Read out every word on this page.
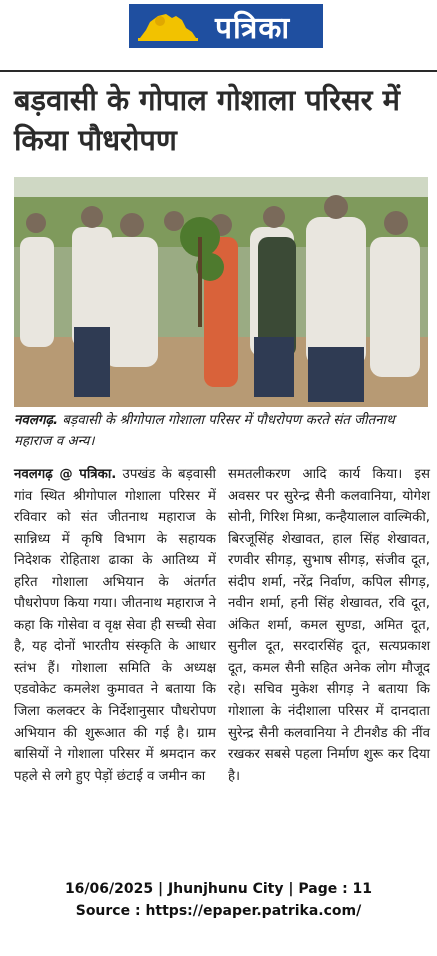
पत्रिका
बड़वासी के गोपाल गोशाला परिसर में किया पौधरोपण
नवलगढ़. बड़वासी के श्रीगोपाल गोशाला परिसर में पौधरोपण करते संत जीतनाथ महाराज व अन्य।
नवलगढ़ @ पत्रिका. उपखंड के बड़वासी गांव स्थित श्रीगोपाल गोशाला परिसर में रविवार को संत जीतनाथ महाराज के सान्निध्य में कृषि विभाग के सहायक निदेशक रोहिताश ढाका के आतिथ्य में हरित गोशाला अभियान के अंतर्गत पौधरोपण किया गया। जीतनाथ महाराज ने कहा कि गोसेवा व वृक्ष सेवा ही सच्ची सेवा है, यह दोनों भारतीय संस्कृति के आधार स्तंभ हैं। गोशाला समिति के अध्यक्ष एडवोकेट कमलेश कुमावत ने बताया कि जिला कलक्टर के निर्देशानुसार पौधरोपण अभियान की शुरूआत की गई है। ग्राम बासियों ने गोशाला परिसर में श्रमदान कर पहले से लगे हुए पेड़ों छंटाई व जमीन का
समतलीकरण आदि कार्य किया। इस अवसर पर सुरेन्द्र सैनी कलवानिया, योगेश सोनी, गिरिश मिश्रा, कन्हैयालाल वाल्मिकी, बिरजूसिंह शेखावत, हाल सिंह शेखावत, रणवीर सीगड़, सुभाष सीगड़, संजीव दूत, संदीप शर्मा, नरेंद्र निर्वाण, कपिल सीगड़, नवीन शर्मा, हनी सिंह शेखावत, रवि दूत, अंकित शर्मा, कमल सुण्डा, अमित दूत, सुनील दूत, सरदारसिंह दूत, सत्यप्रकाश दूत, कमल सैनी सहित अनेक लोग मौजूद रहे। सचिव मुकेश सीगड़ ने बताया कि गोशाला के नंदीशाला परिसर में दानदाता सुरेन्द्र सैनी कलवानिया ने टीनशैड की नींव रखकर सबसे पहला निर्माण शुरू कर दिया है।
16/06/2025 | Jhunjhunu City | Page : 11
Source : https://epaper.patrika.com/
